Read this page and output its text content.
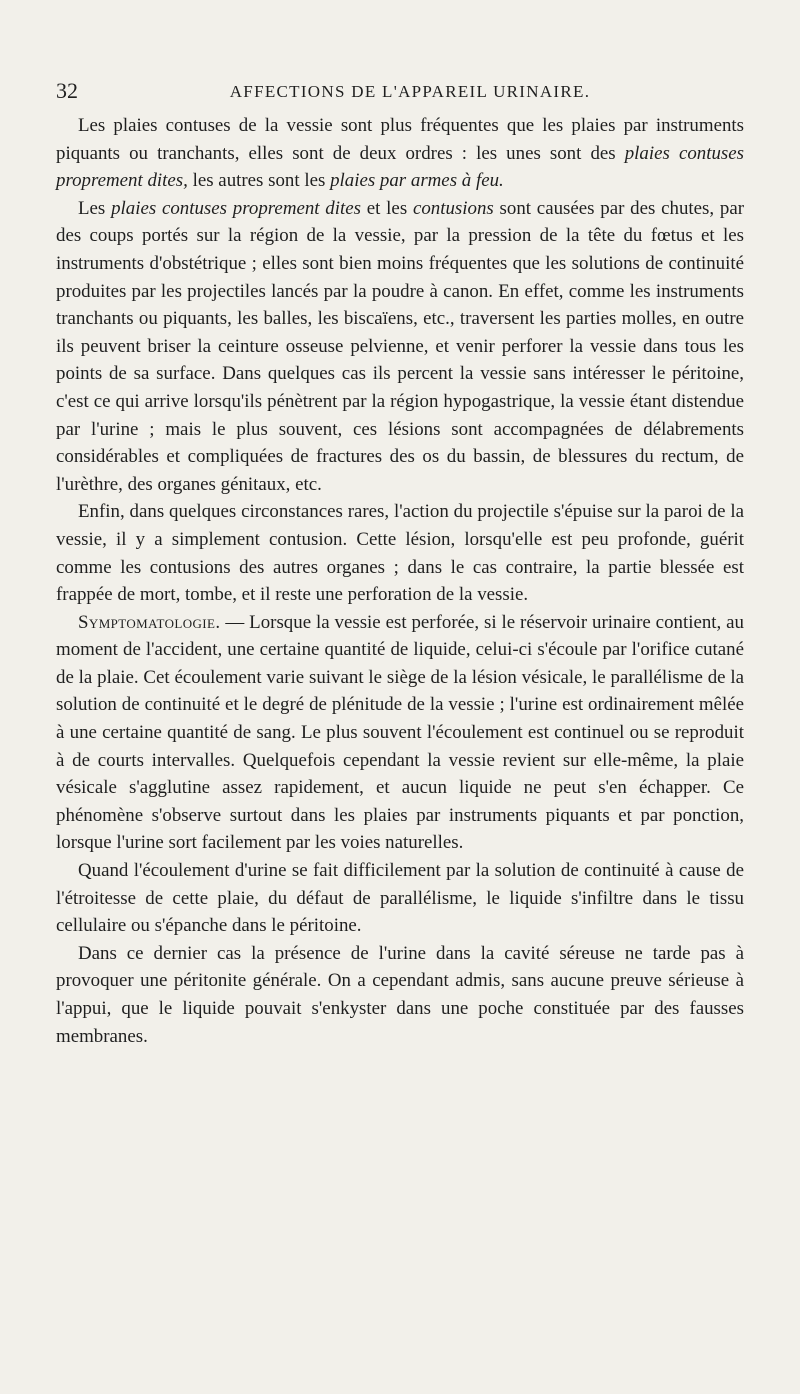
32	AFFECTIONS DE L'APPAREIL URINAIRE.

Les plaies contuses de la vessie sont plus fréquentes que les plaies par instruments piquants ou tranchants, elles sont de deux ordres : les unes sont des plaies contuses proprement dites, les autres sont les plaies par armes à feu.

Les plaies contuses proprement dites et les contusions sont causées par des chutes, par des coups portés sur la région de la vessie, par la pression de la tête du fœtus et les instruments d'obstétrique ; elles sont bien moins fréquentes que les solutions de continuité produites par les projectiles lancés par la poudre à canon. En effet, comme les instruments tranchants ou piquants, les balles, les biscaïens, etc., traversent les parties molles, en outre ils peuvent briser la ceinture osseuse pelvienne, et venir perforer la vessie dans tous les points de sa surface. Dans quelques cas ils percent la vessie sans intéresser le péritoine, c'est ce qui arrive lorsqu'ils pénètrent par la région hypogastrique, la vessie étant distendue par l'urine ; mais le plus souvent, ces lésions sont accompagnées de délabrements considérables et compliquées de fractures des os du bassin, de blessures du rectum, de l'urèthre, des organes génitaux, etc.

Enfin, dans quelques circonstances rares, l'action du projectile s'épuise sur la paroi de la vessie, il y a simplement contusion. Cette lésion, lorsqu'elle est peu profonde, guérit comme les contusions des autres organes ; dans le cas contraire, la partie blessée est frappée de mort, tombe, et il reste une perforation de la vessie.

Symptomatologie. — Lorsque la vessie est perforée, si le réservoir urinaire contient, au moment de l'accident, une certaine quantité de liquide, celui-ci s'écoule par l'orifice cutané de la plaie. Cet écoulement varie suivant le siège de la lésion vésicale, le parallélisme de la solution de continuité et le degré de plénitude de la vessie ; l'urine est ordinairement mêlée à une certaine quantité de sang. Le plus souvent l'écoulement est continuel ou se reproduit à de courts intervalles. Quelquefois cependant la vessie revient sur elle-même, la plaie vésicale s'agglutine assez rapidement, et aucun liquide ne peut s'en échapper. Ce phénomène s'observe surtout dans les plaies par instruments piquants et par ponction, lorsque l'urine sort facilement par les voies naturelles.

Quand l'écoulement d'urine se fait difficilement par la solution de continuité à cause de l'étroitesse de cette plaie, du défaut de parallélisme, le liquide s'infiltre dans le tissu cellulaire ou s'épanche dans le péritoine.

Dans ce dernier cas la présence de l'urine dans la cavité séreuse ne tarde pas à provoquer une péritonite générale. On a cependant admis, sans aucune preuve sérieuse à l'appui, que le liquide pouvait s'enkyster dans une poche constituée par des fausses membranes.
